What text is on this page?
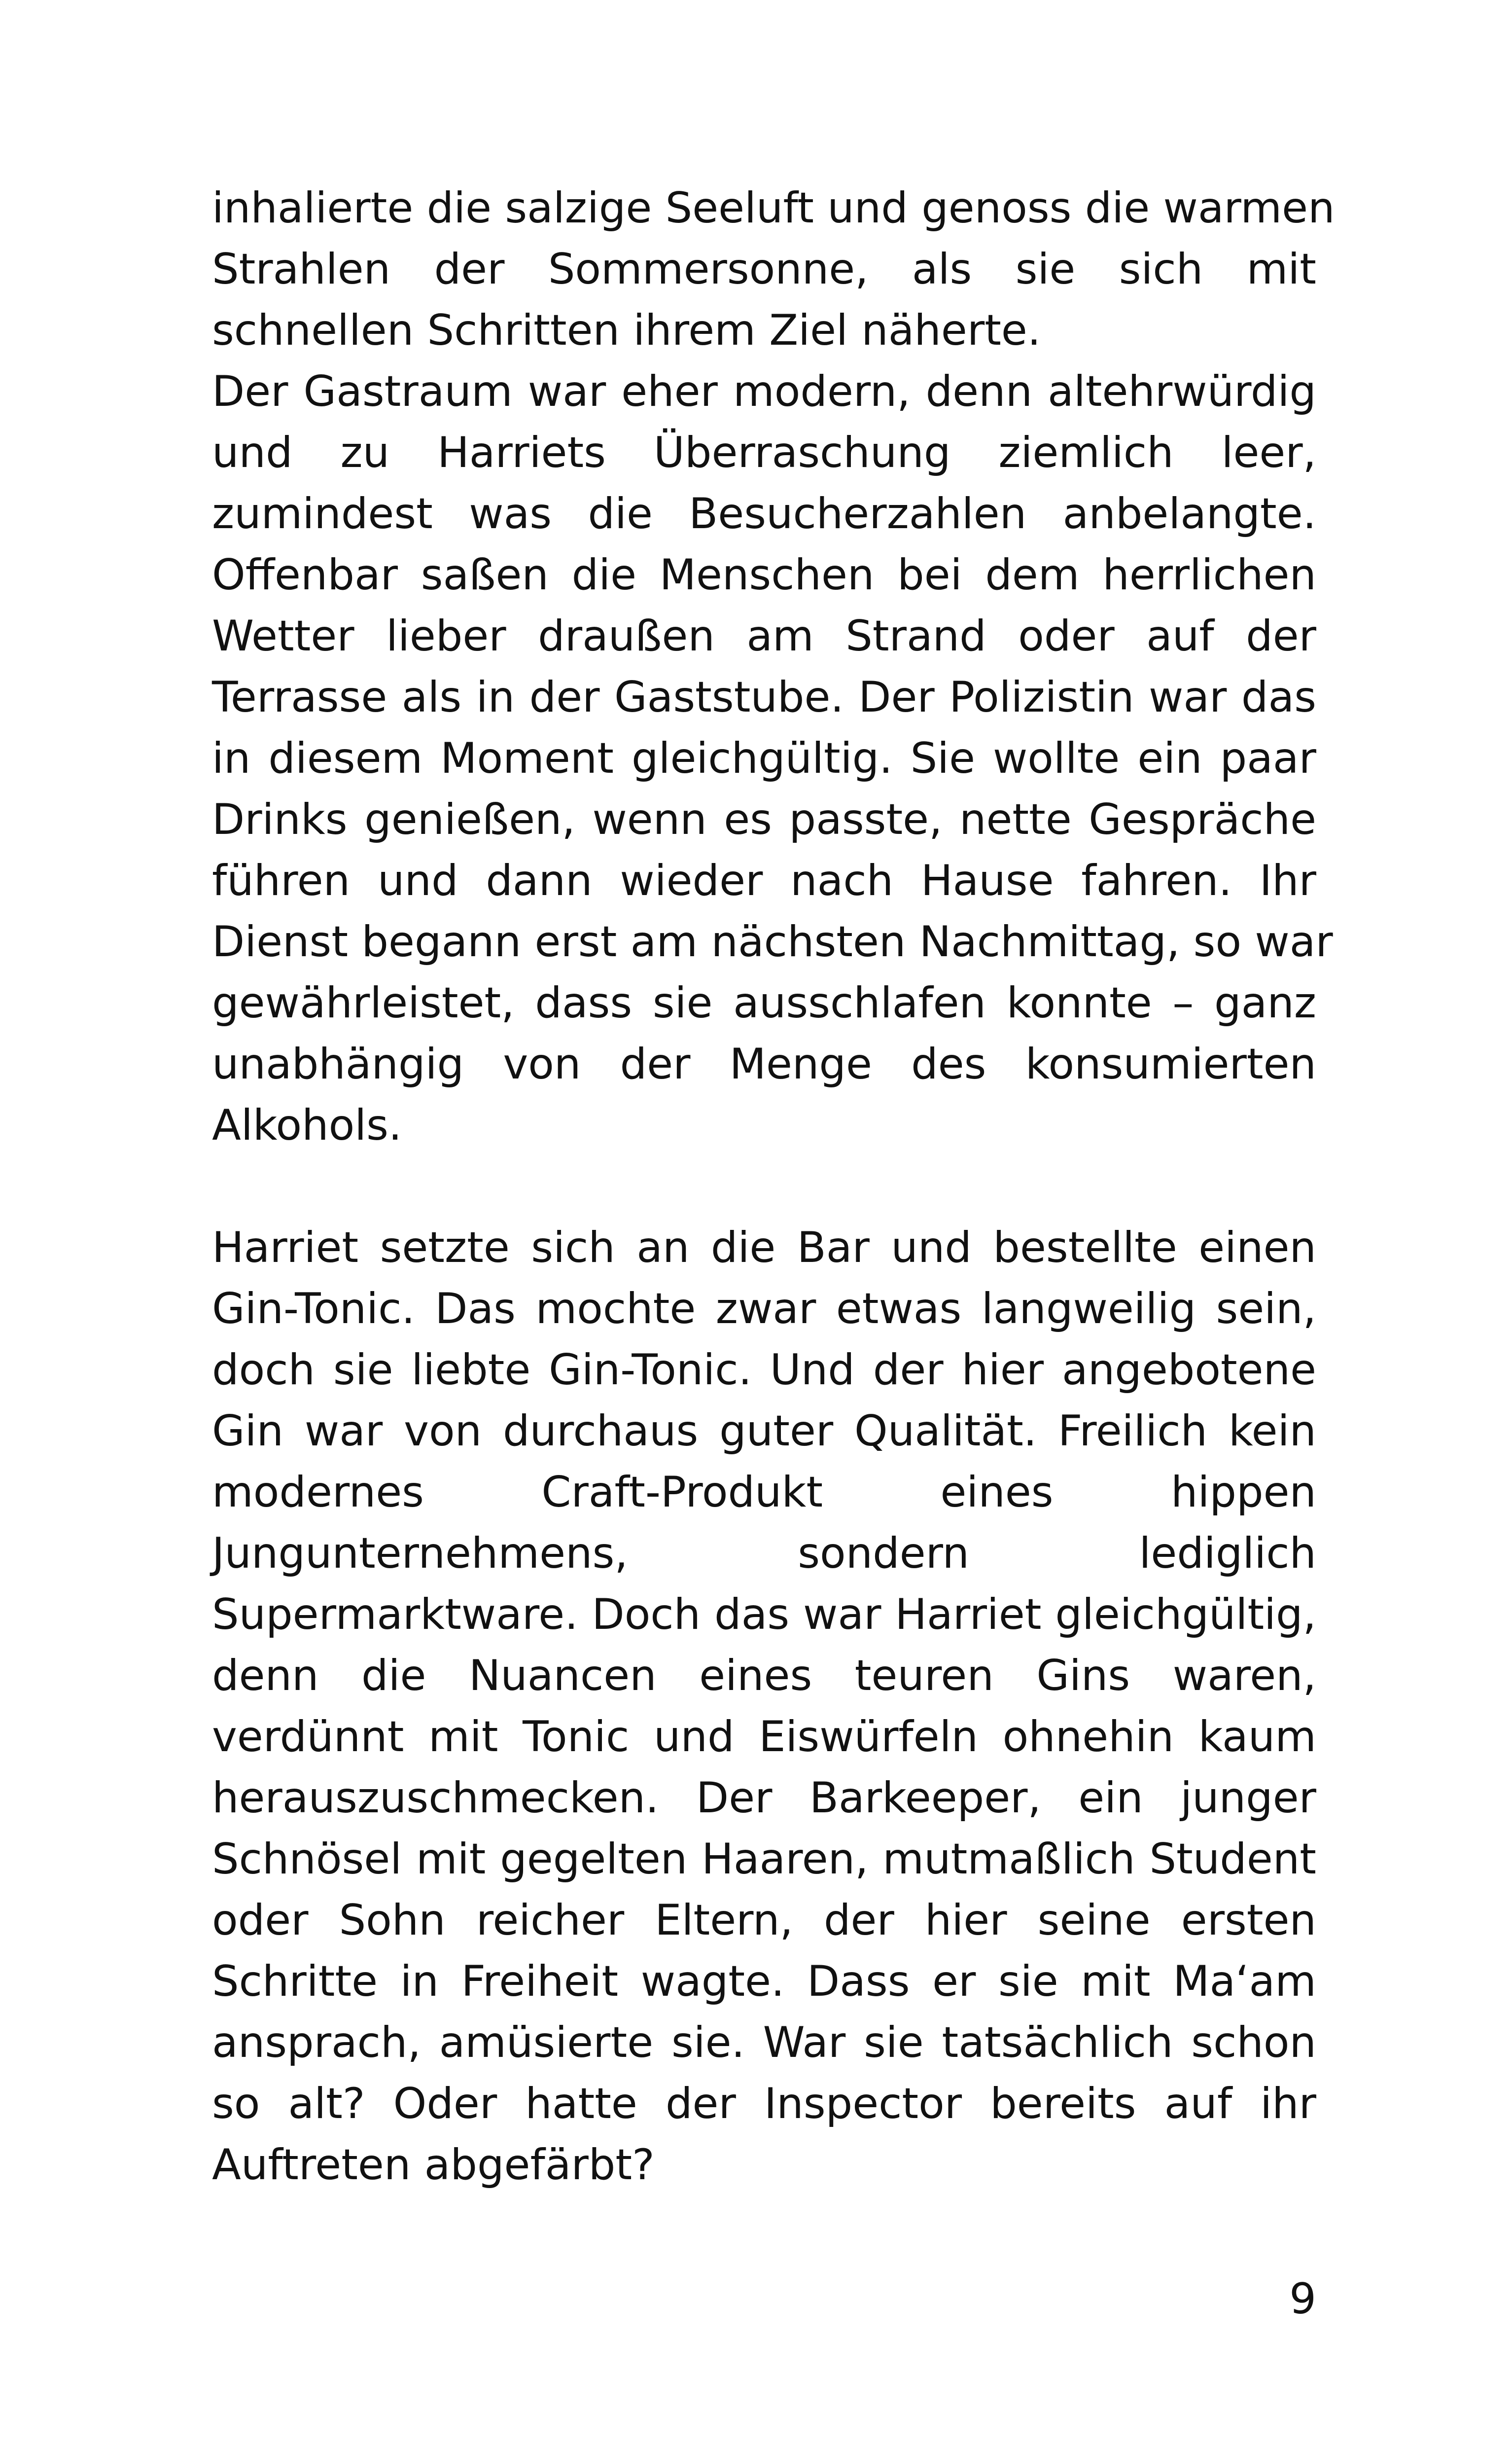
inhalierte die salzige Seeluft und genoss die warmen
Strahlen der Sommersonne, als sie sich mit
schnellen Schritten ihrem Ziel näherte.

Der Gastraum war eher modern, denn altehrwürdig
und zu Harriets Überraschung ziemlich leer,
zumindest was die Besucherzahlen anbelangte.
Offenbar saßen die Menschen bei dem herrlichen
Wetter lieber draußen am Strand oder auf der
Terrasse als in der Gaststube. Der Polizistin war das
in diesem Moment gleichgültig. Sie wollte ein paar
Drinks genießen, wenn es passte, nette Gespräche
führen und dann wieder nach Hause fahren. Ihr
Dienst begann erst am nächsten Nachmittag, so war
gewährleistet, dass sie ausschlafen konnte – ganz
unabhängig von der Menge des konsumierten
Alkohols.

Harriet setzte sich an die Bar und bestellte einen
Gin-Tonic. Das mochte zwar etwas langweilig sein,
doch sie liebte Gin-Tonic. Und der hier angebotene
Gin war von durchaus guter Qualität. Freilich kein
modernes Craft-Produkt eines hippen
Jungunternehmens, sondern lediglich
Supermarktware. Doch das war Harriet gleichgültig,
denn die Nuancen eines teuren Gins waren,
verdünnt mit Tonic und Eiswürfeln ohnehin kaum
herauszuschmecken. Der Barkeeper, ein junger
Schnösel mit gegelten Haaren, mutmaßlich Student
oder Sohn reicher Eltern, der hier seine ersten
Schritte in Freiheit wagte. Dass er sie mit Ma‘am
ansprach, amüsierte sie. War sie tatsächlich schon
so alt? Oder hatte der Inspector bereits auf ihr
Auftreten abgefärbt?

9
